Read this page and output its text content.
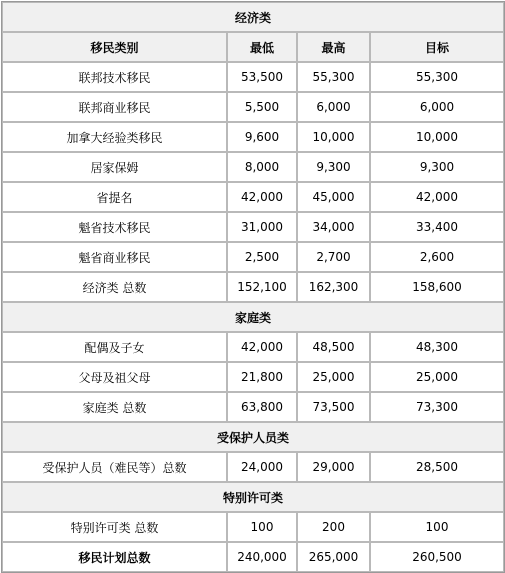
经济类			
移民类别	最低	最高	目标
联邦技术移民	53,500	55,300	55,300
联邦商业移民	5,500	6,000	6,000
加拿大经验类移民	9,600	10,000	10,000
居家保姆	8,000	9,300	9,300
省提名	42,000	45,000	42,000
魁省技术移民	31,000	34,000	33,400
魁省商业移民	2,500	2,700	2,600
经济类 总数	152,100	162,300	158,600
家庭类			
配偶及子女	42,000	48,500	48,300
父母及祖父母	21,800	25,000	25,000
家庭类 总数	63,800	73,500	73,300
受保护人员类			
受保护人员（难民等）总数	24,000	29,000	28,500
特别许可类			
特别许可类 总数	100	200	100
移民计划总数	240,000	265,000	260,500
